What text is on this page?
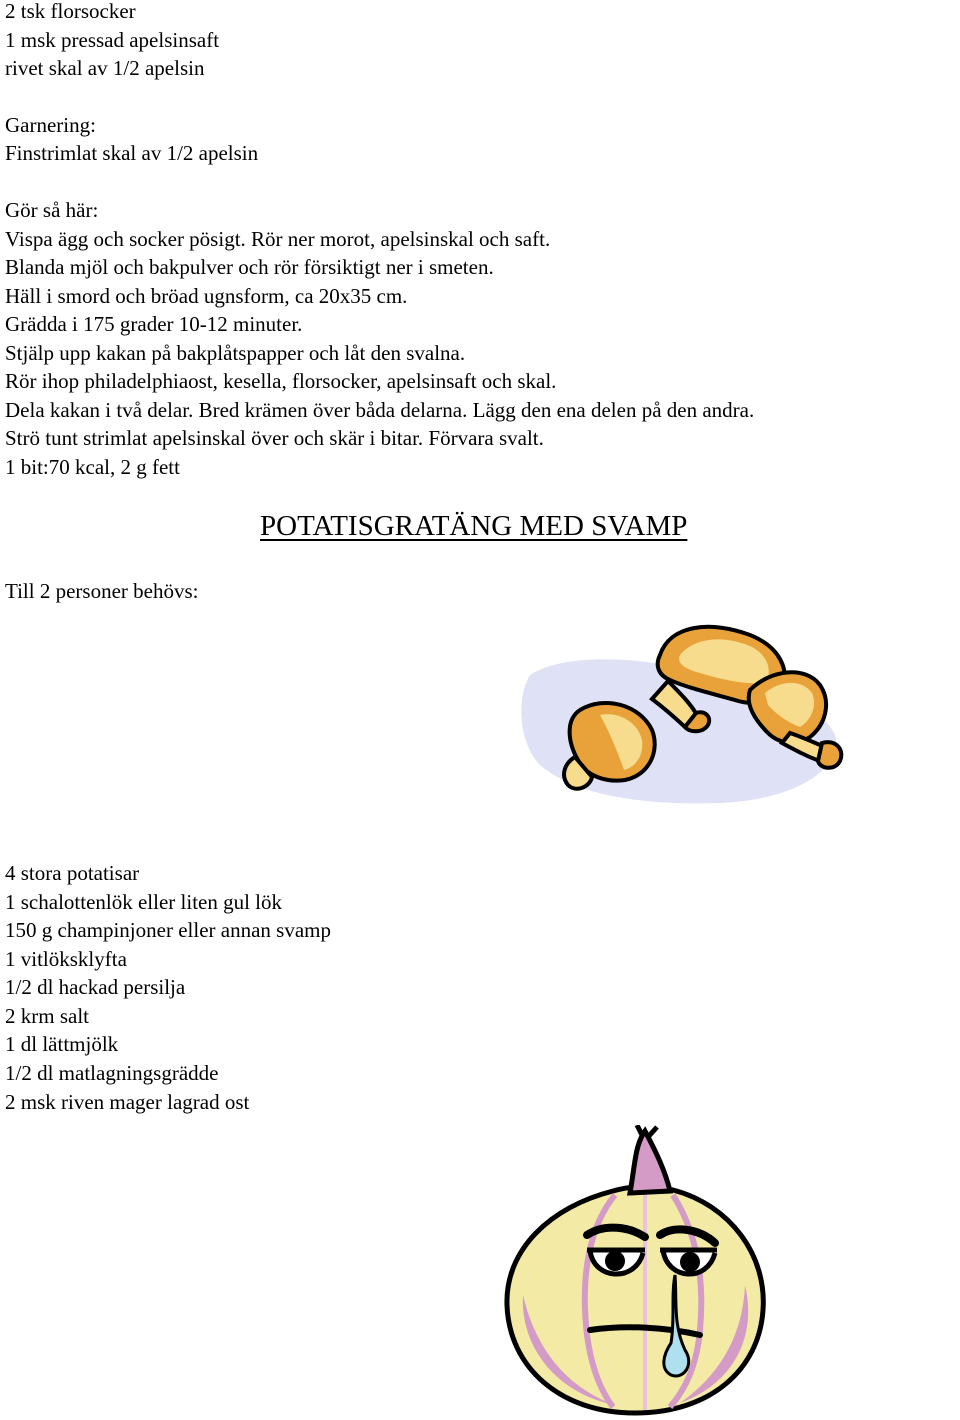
2 tsk florsocker
1 msk pressad apelsinsaft
rivet skal av 1/2 apelsin
Garnering:
Finstrimlat skal av 1/2 apelsin
Gör så här:
Vispa ägg och socker pösigt. Rör ner morot, apelsinskal och saft.
Blanda mjöl och bakpulver och rör försiktigt ner i smeten.
Häll i smord och bröad ugnsform, ca 20x35 cm.
Grädda i 175 grader 10-12 minuter.
Stjälp upp kakan på bakplåtspapper och låt den svalna.
Rör ihop philadelphiaost, kesella, florsocker, apelsinsaft och skal.
Dela kakan i två delar. Bred krämen över båda delarna. Lägg den ena delen på den andra.
Strö tunt strimlat apelsinskal över och skär i bitar. Förvara svalt.
1 bit:70 kcal, 2 g fett
POTATISGRATÄNG MED SVAMP
Till 2 personer behövs:
4 stora potatisar
1 schalottenlök eller liten gul lök
150 g champinjoner eller annan svamp
1 vitlöksklyfta
1/2 dl hackad persilja
2 krm salt
1 dl lättmjölk
1/2 dl matlagningsgrädde
2 msk riven mager lagrad ost
